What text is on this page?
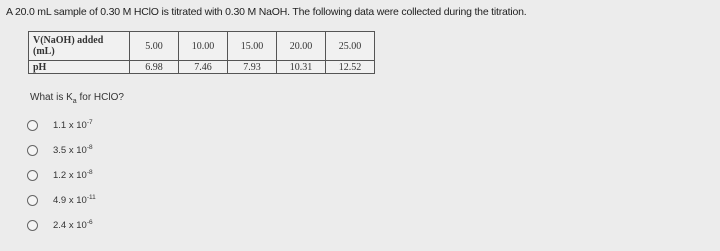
A 20.0 mL sample of 0.30 M HClO is titrated with 0.30 M NaOH. The following data were collected during the titration.
V(NaOH) added (mL)	5.00	10.00	15.00	20.00	25.00
pH	6.98	7.46	7.93	10.31	12.52
What is $K_a$ for HClO?
1.1 x $10^{-7}$
3.5 x $10^{-8}$
1.2 x $10^{-8}$
4.9 x $10^{-11}$
2.4 x $10^{-6}$
